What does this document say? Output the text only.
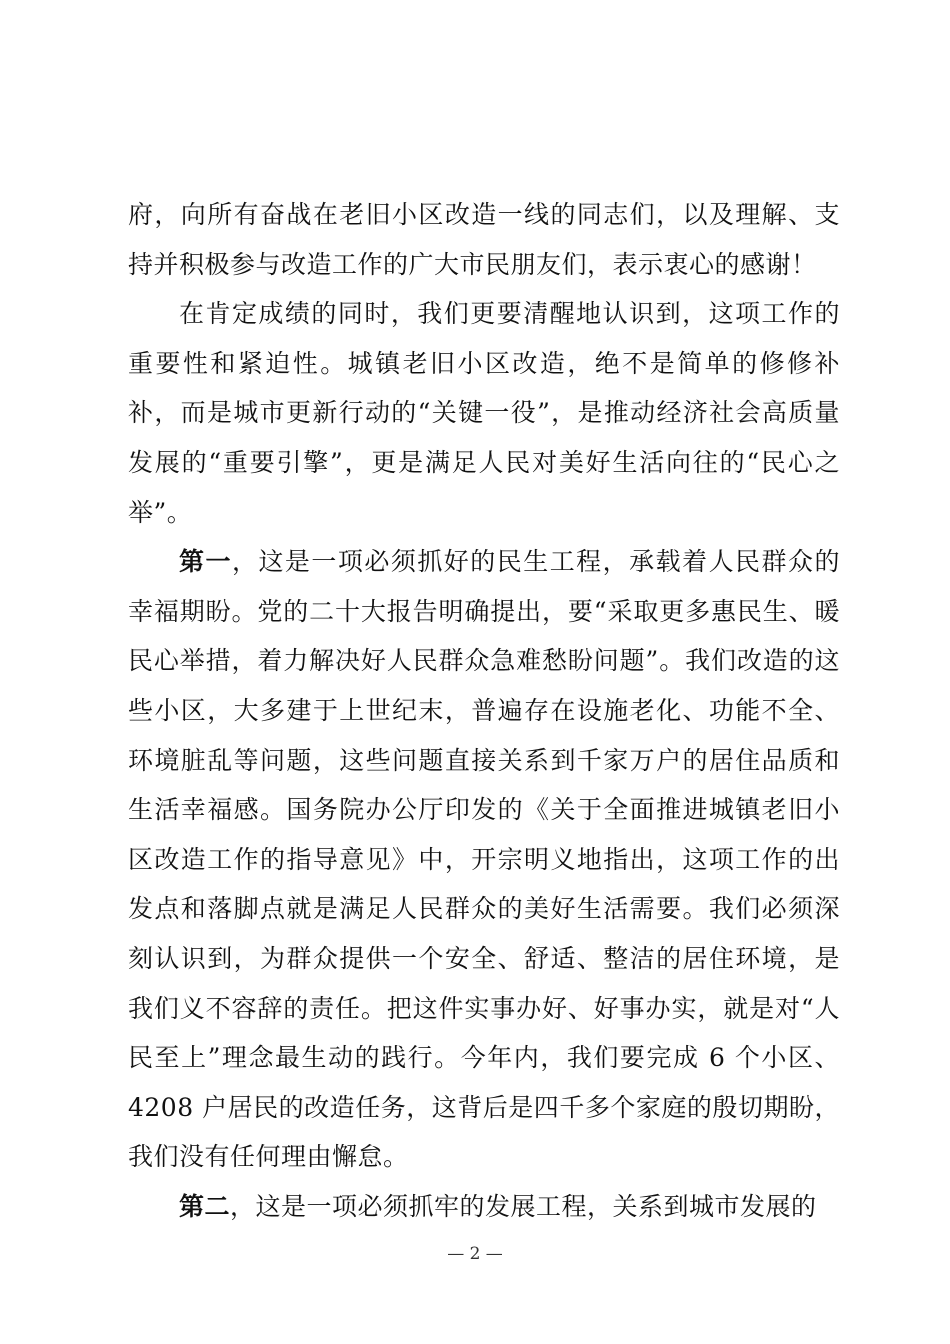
府，向所有奋战在老旧小区改造一线的同志们，以及理解、支持并积极参与改造工作的广大市民朋友们，表示衷心的感谢！

在肯定成绩的同时，我们更要清醒地认识到，这项工作的重要性和紧迫性。城镇老旧小区改造，绝不是简单的修修补补，而是城市更新行动的“关键一役”，是推动经济社会高质量发展的“重要引擎”，更是满足人民对美好生活向往的“民心之举”。

第一，这是一项必须抓好的民生工程，承载着人民群众的幸福期盼。党的二十大报告明确提出，要“采取更多惠民生、暖民心举措，着力解决好人民群众急难愁盼问题”。我们改造的这些小区，大多建于上世纪末，普遍存在设施老化、功能不全、环境脏乱等问题，这些问题直接关系到千家万户的居住品质和生活幸福感。国务院办公厅印发的《关于全面推进城镇老旧小区改造工作的指导意见》中，开宗明义地指出，这项工作的出发点和落脚点就是满足人民群众的美好生活需要。我们必须深刻认识到，为群众提供一个安全、舒适、整洁的居住环境，是我们义不容辞的责任。把这件实事办好、好事办实，就是对“人民至上”理念最生动的践行。今年内，我们要完成 6 个小区、4208 户居民的改造任务，这背后是四千多个家庭的殷切期盼，我们没有任何理由懈怠。

第二，这是一项必须抓牢的发展工程，关系到城市发展的

— 2 —
